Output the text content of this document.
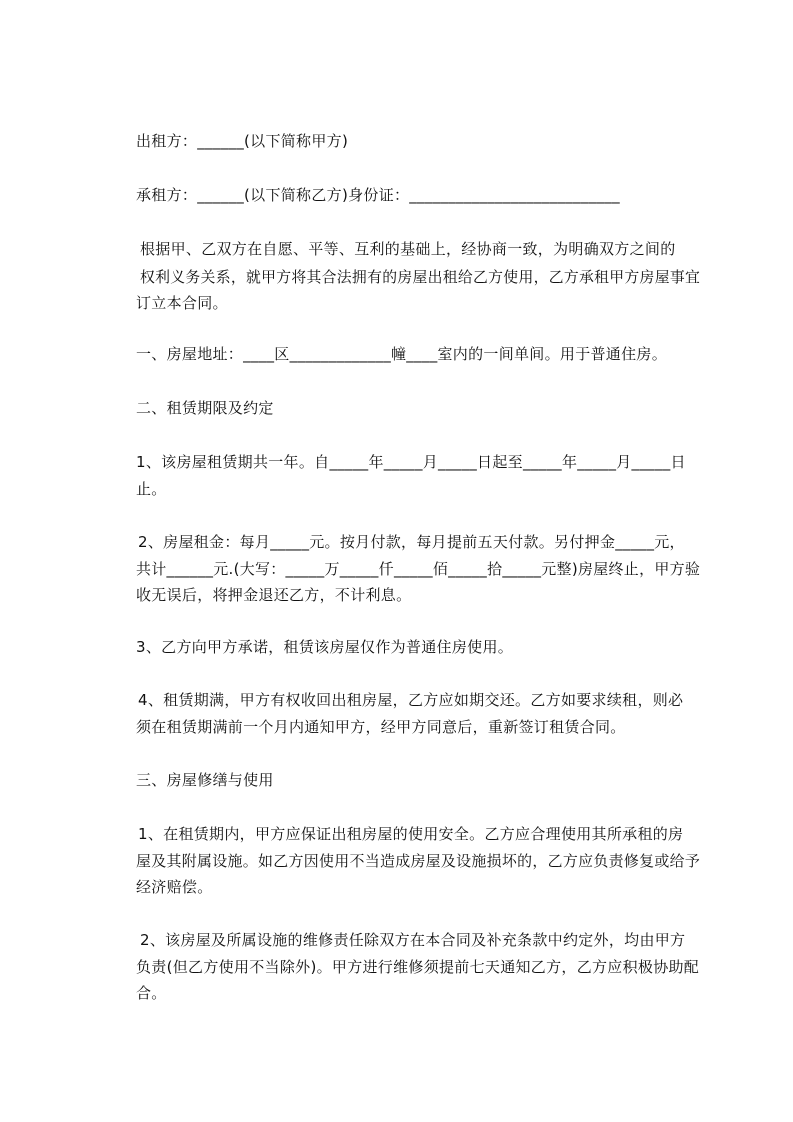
出租方：______(以下简称甲方)
承租方：______(以下简称乙方)身份证：___________________________
根据甲、乙双方在自愿、平等、互利的基础上，经协商一致，为明确双方之间的
权利义务关系，就甲方将其合法拥有的房屋出租给乙方使用，乙方承租甲方房屋事宜
订立本合同。
一、房屋地址：____区_____________幢____室内的一间单间。用于普通住房。
二、租赁期限及约定
1、该房屋租赁期共一年。自_____年_____月_____日起至_____年_____月_____日
止。
2、房屋租金：每月_____元。按月付款，每月提前五天付款。另付押金_____元，
共计______元.(大写：_____万_____仟_____佰_____拾_____元整)房屋终止，甲方验
收无误后，将押金退还乙方，不计利息。
3、乙方向甲方承诺，租赁该房屋仅作为普通住房使用。
4、租赁期满，甲方有权收回出租房屋，乙方应如期交还。乙方如要求续租，则必
须在租赁期满前一个月内通知甲方，经甲方同意后，重新签订租赁合同。
三、房屋修缮与使用
1、在租赁期内，甲方应保证出租房屋的使用安全。乙方应合理使用其所承租的房
屋及其附属设施。如乙方因使用不当造成房屋及设施损坏的，乙方应负责修复或给予
经济赔偿。
2、该房屋及所属设施的维修责任除双方在本合同及补充条款中约定外，均由甲方
负责(但乙方使用不当除外)。甲方进行维修须提前七天通知乙方，乙方应积极协助配
合。
